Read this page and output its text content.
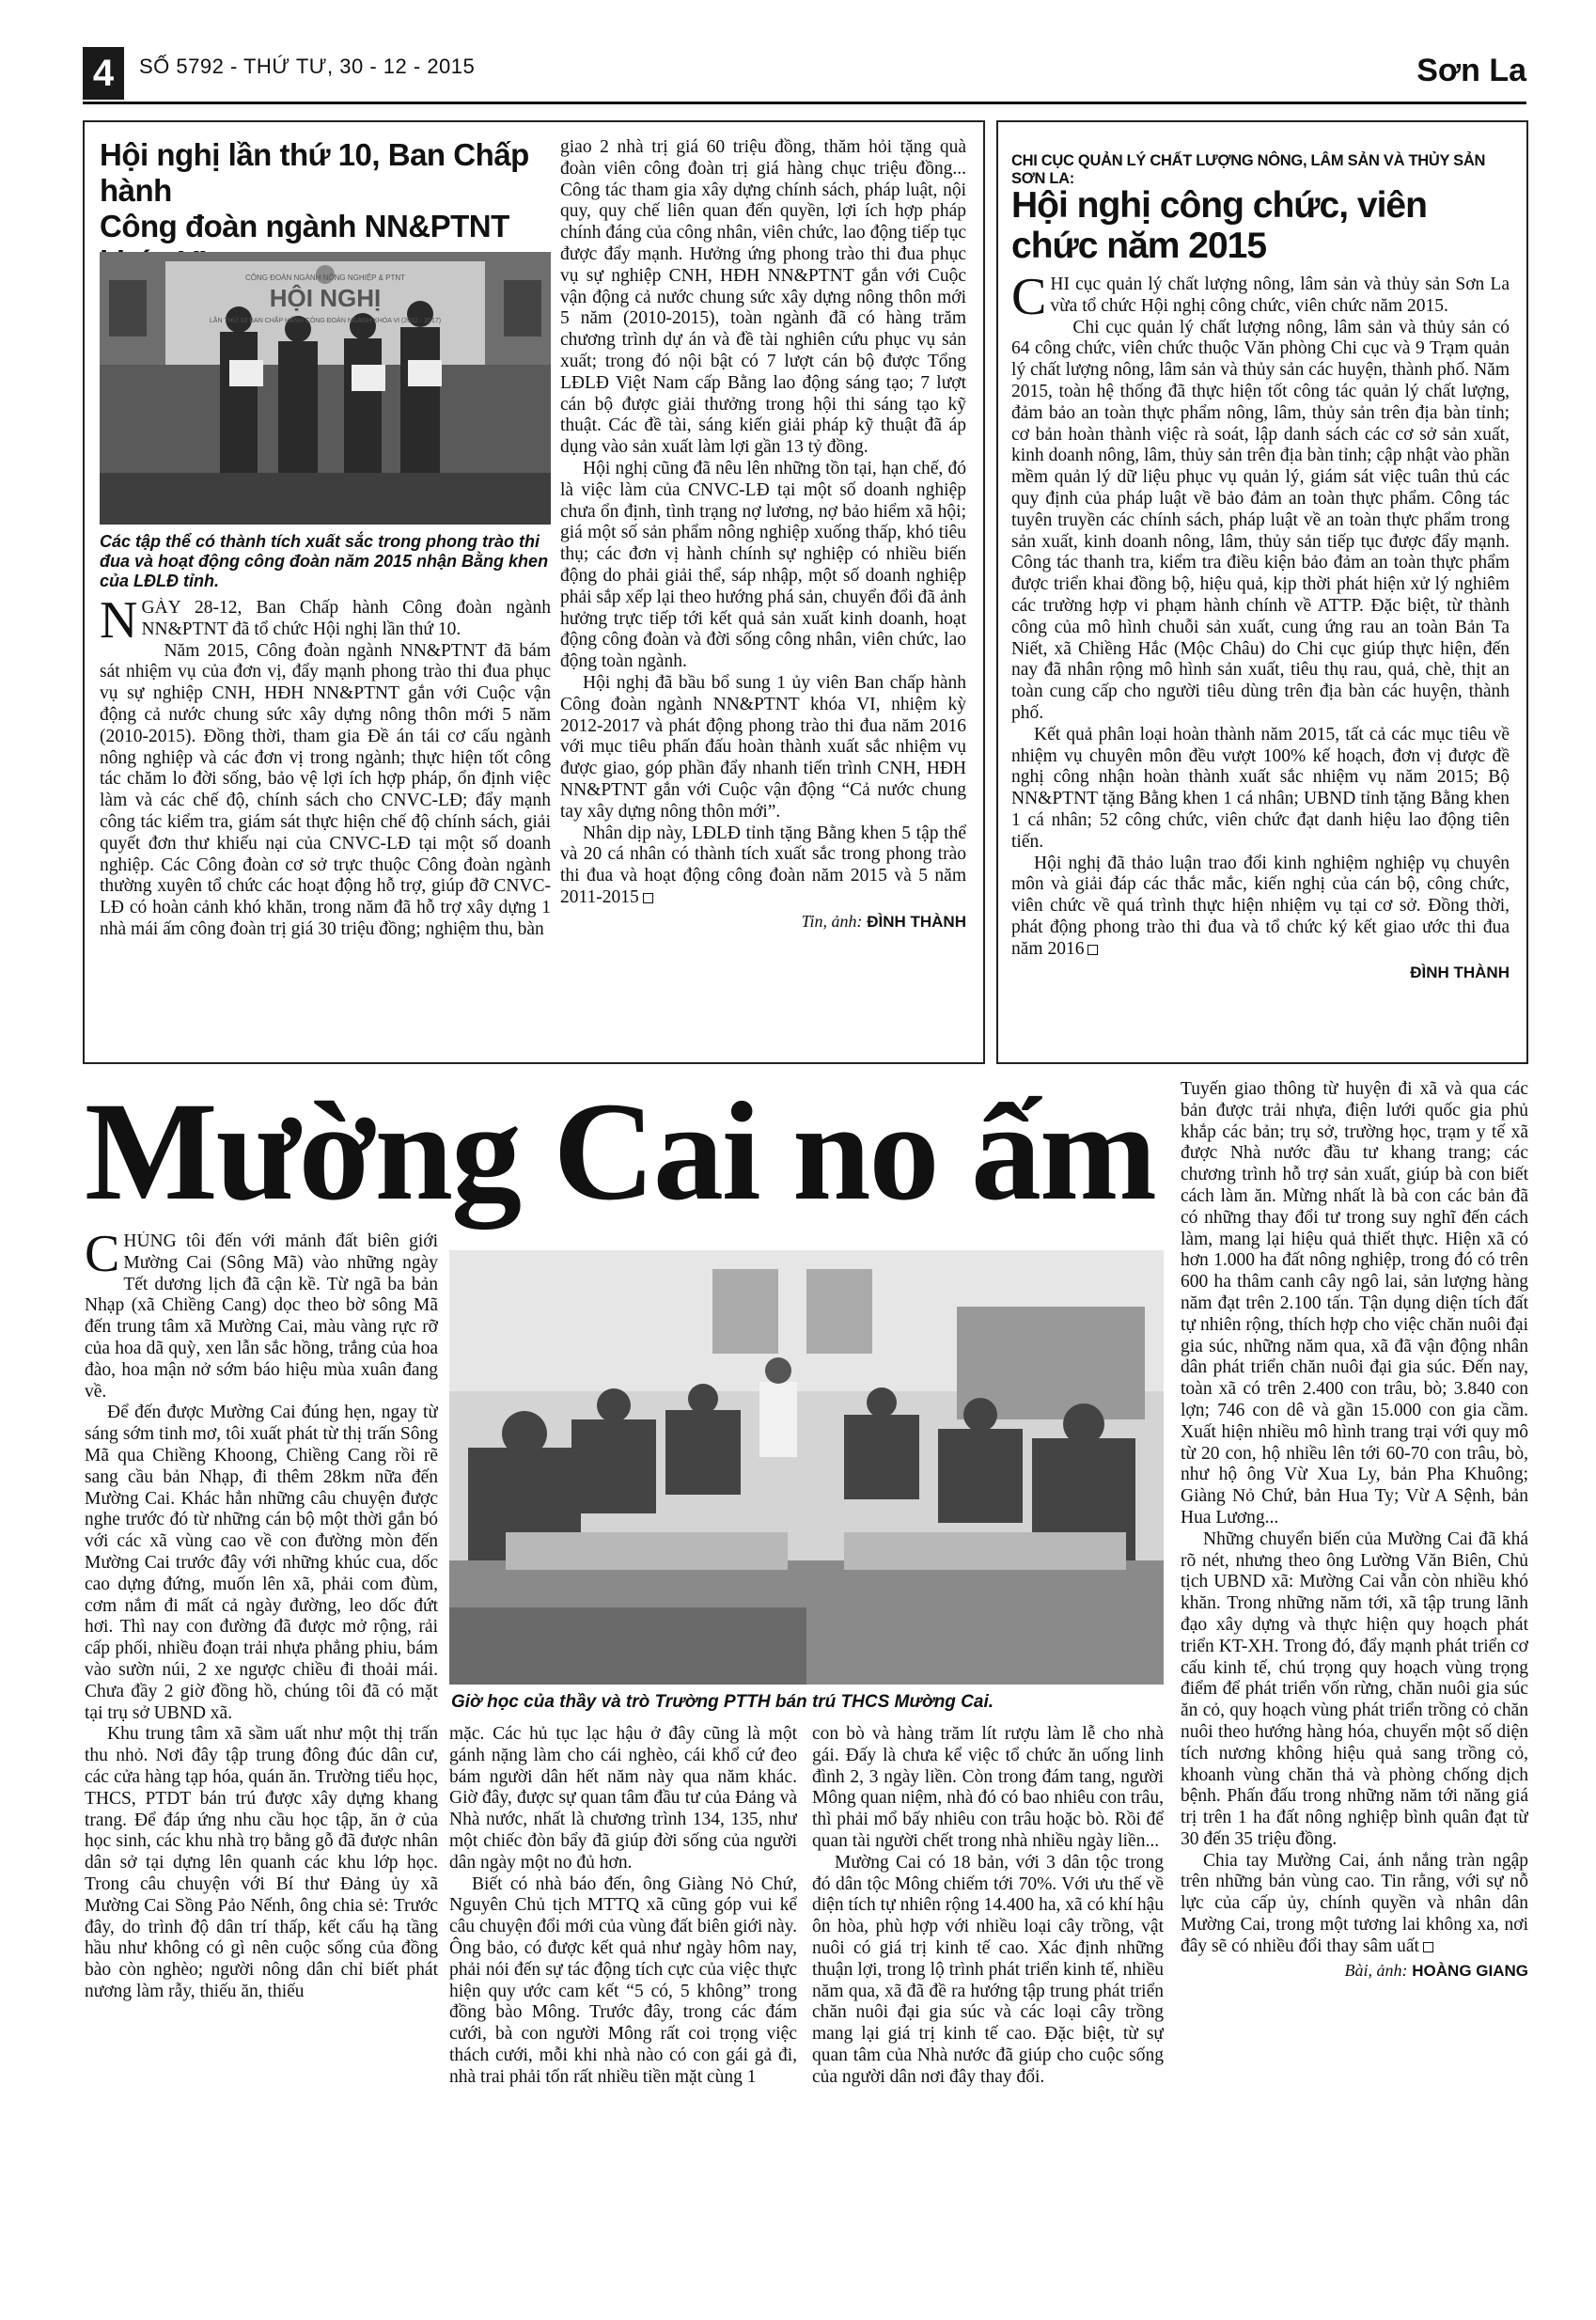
4	SỐ 5792 - THỨ TƯ, 30 - 12 - 2015	Sơn La
Hội nghị lần thứ 10, Ban Chấp hành
Công đoàn ngành NN&PTNT
CÔNG ĐOÀN NGÀNH NÔNG NGHIỆP & PTNT
HỘI NGHỊ
LẦN THỨ 10 BAN CHẤP HÀNH CÔNG ĐOÀN NGÀNH KHÓA VI (2012 - 2017)
Các tập thể có thành tích xuất sắc trong phong trào thi đua và hoạt động công đoàn năm 2015 nhận Bằng khen của LĐLĐ tỉnh.

NGÀY 28-12, Ban Chấp hành Công đoàn ngành NN&PTNT đã tổ chức Hội nghị lần thứ 10.

Năm 2015, Công đoàn ngành NN&PTNT đã bám sát nhiệm vụ của đơn vị, đẩy mạnh phong trào thi đua phục vụ sự nghiệp CNH, HĐH NN&PTNT gắn với Cuộc vận động cả nước chung sức xây dựng nông thôn mới 5 năm (2010-2015). Đồng thời, tham gia Đề án tái cơ cấu ngành nông nghiệp và các đơn vị trong ngành; thực hiện tốt công tác chăm lo đời sống, bảo vệ lợi ích hợp pháp, ổn định việc làm và các chế độ, chính sách cho CNVC-LĐ; đẩy mạnh công tác kiểm tra, giám sát thực hiện chế độ chính sách, giải quyết đơn thư khiếu nại của CNVC-LĐ tại một số doanh nghiệp. Các Công đoàn cơ sở trực thuộc Công đoàn ngành thường xuyên tổ chức các hoạt động hỗ trợ, giúp đỡ CNVC-LĐ có hoàn cảnh khó khăn, trong năm đã hỗ trợ xây dựng 1 nhà mái ấm công đoàn trị giá 30 triệu đồng; nghiệm thu, bàn

giao 2 nhà trị giá 60 triệu đồng, thăm hỏi tặng quà đoàn viên công đoàn trị giá hàng chục triệu đồng... Công tác tham gia xây dựng chính sách, pháp luật, nội quy, quy chế liên quan đến quyền, lợi ích hợp pháp chính đáng của công nhân, viên chức, lao động tiếp tục được đẩy mạnh. Hưởng ứng phong trào thi đua phục vụ sự nghiệp CNH, HĐH NN&PTNT gắn với Cuộc vận động cả nước chung sức xây dựng nông thôn mới 5 năm (2010-2015), toàn ngành đã có hàng trăm chương trình dự án và đề tài nghiên cứu phục vụ sản xuất; trong đó nội bật có 7 lượt cán bộ được Tổng LĐLĐ Việt Nam cấp Bằng lao động sáng tạo; 7 lượt cán bộ được giải thưởng trong hội thi sáng tạo kỹ thuật. Các đề tài, sáng kiến giải pháp kỹ thuật đã áp dụng vào sản xuất làm lợi gần 13 tỷ đồng.

Hội nghị cũng đã nêu lên những tồn tại, hạn chế, đó là việc làm của CNVC-LĐ tại một số doanh nghiệp chưa ổn định, tình trạng nợ lương, nợ bảo hiểm xã hội; giá một số sản phẩm nông nghiệp xuống thấp, khó tiêu thụ; các đơn vị hành chính sự nghiệp có nhiều biến động do phải giải thể, sáp nhập, một số doanh nghiệp phải sắp xếp lại theo hướng phá sản, chuyển đổi đã ảnh hưởng trực tiếp tới kết quả sản xuất kinh doanh, hoạt động công đoàn và đời sống công nhân, viên chức, lao động toàn ngành.

Hội nghị đã bầu bổ sung 1 ủy viên Ban chấp hành Công đoàn ngành NN&PTNT khóa VI, nhiệm kỳ 2012-2017 và phát động phong trào thi đua năm 2016 với mục tiêu phấn đấu hoàn thành xuất sắc nhiệm vụ được giao, góp phần đẩy nhanh tiến trình CNH, HĐH NN&PTNT gắn với Cuộc vận động “Cả nước chung tay xây dựng nông thôn mới”.

Nhân dịp này, LĐLĐ tỉnh tặng Bằng khen 5 tập thể và 20 cá nhân có thành tích xuất sắc trong phong trào thi đua và hoạt động công đoàn năm 2015 và 5 năm 2011-2015

Tin, ảnh: ĐÌNH THÀNH
CHI CỤC QUẢN LÝ CHẤT LƯỢNG NÔNG, LÂM SẢN VÀ THỦY SẢN SƠN LA:
Hội nghị công chức, viên chức năm 2015

CHI cục quản lý chất lượng nông, lâm sản và thủy sản Sơn La vừa tổ chức Hội nghị công chức, viên chức năm 2015.

Chi cục quản lý chất lượng nông, lâm sản và thủy sản có 64 công chức, viên chức thuộc Văn phòng Chi cục và 9 Trạm quản lý chất lượng nông, lâm sản và thủy sản các huyện, thành phố. Năm 2015, toàn hệ thống đã thực hiện tốt công tác quản lý chất lượng, đảm bảo an toàn thực phẩm nông, lâm, thủy sản trên địa bàn tỉnh; cơ bản hoàn thành việc rà soát, lập danh sách các cơ sở sản xuất, kinh doanh nông, lâm, thủy sản trên địa bàn tỉnh; cập nhật vào phần mềm quản lý dữ liệu phục vụ quản lý, giám sát việc tuân thủ các quy định của pháp luật về bảo đảm an toàn thực phẩm. Công tác tuyên truyền các chính sách, pháp luật về an toàn thực phẩm trong sản xuất, kinh doanh nông, lâm, thủy sản tiếp tục được đẩy mạnh. Công tác thanh tra, kiểm tra điều kiện bảo đảm an toàn thực phẩm được triển khai đồng bộ, hiệu quả, kịp thời phát hiện xử lý nghiêm các trường hợp vi phạm hành chính về ATTP. Đặc biệt, từ thành công của mô hình chuỗi sản xuất, cung ứng rau an toàn Bản Ta Niết, xã Chiềng Hắc (Mộc Châu) do Chi cục giúp thực hiện, đến nay đã nhân rộng mô hình sản xuất, tiêu thụ rau, quả, chè, thịt an toàn cung cấp cho người tiêu dùng trên địa bàn các huyện, thành phố.

Kết quả phân loại hoàn thành năm 2015, tất cả các mục tiêu về nhiệm vụ chuyên môn đều vượt 100% kế hoạch, đơn vị được đề nghị công nhận hoàn thành xuất sắc nhiệm vụ năm 2015; Bộ NN&PTNT tặng Bằng khen 1 cá nhân; UBND tỉnh tặng Bằng khen 1 cá nhân; 52 công chức, viên chức đạt danh hiệu lao động tiên tiến.

Hội nghị đã thảo luận trao đổi kinh nghiệm nghiệp vụ chuyên môn và giải đáp các thắc mắc, kiến nghị của cán bộ, công chức, viên chức về quá trình thực hiện nhiệm vụ tại cơ sở. Đồng thời, phát động phong trào thi đua và tổ chức ký kết giao ước thi đua năm 2016

ĐÌNH THÀNH
Mường Cai no ấm

CHÚNG tôi đến với mảnh đất biên giới Mường Cai (Sông Mã) vào những ngày Tết dương lịch đã cận kề. Từ ngã ba bản Nhạp (xã Chiềng Cang) dọc theo bờ sông Mã đến trung tâm xã Mường Cai, màu vàng rực rỡ của hoa dã quỳ, xen lẫn sắc hồng, trắng của hoa đào, hoa mận nở sớm báo hiệu mùa xuân đang về.

Để đến được Mường Cai đúng hẹn, ngay từ sáng sớm tinh mơ, tôi xuất phát từ thị trấn Sông Mã qua Chiềng Khoong, Chiềng Cang rồi rẽ sang cầu bản Nhạp, đi thêm 28km nữa đến Mường Cai. Khác hẳn những câu chuyện được nghe trước đó từ những cán bộ một thời gắn bó với các xã vùng cao về con đường mòn đến Mường Cai trước đây với những khúc cua, dốc cao dựng đứng, muốn lên xã, phải com đùm, cơm nắm đi mất cả ngày đường, leo dốc đứt hơi. Thì nay con đường đã được mở rộng, rải cấp phối, nhiều đoạn trải nhựa phẳng phiu, bám vào sườn núi, 2 xe ngược chiều đi thoải mái. Chưa đầy 2 giờ đồng hồ, chúng tôi đã có mặt tại trụ sở UBND xã.

Khu trung tâm xã sầm uất như một thị trấn thu nhỏ. Nơi đây tập trung đông đúc dân cư, các cửa hàng tạp hóa, quán ăn. Trường tiểu học, THCS, PTDT bán trú được xây dựng khang trang. Để đáp ứng nhu cầu học tập, ăn ở của học sinh, các khu nhà trọ bằng gỗ đã được nhân dân sở tại dựng lên quanh các khu lớp học. Trong câu chuyện với Bí thư Đảng ủy xã Mường Cai Sồng Pảo Nếnh, ông chia sẻ: Trước đây, do trình độ dân trí thấp, kết cấu hạ tầng hầu như không có gì nên cuộc sống của đồng bào còn nghèo; người nông dân chỉ biết phát nương làm rẫy, thiếu ăn, thiếu

Giờ học của thầy và trò Trường PTTH bán trú THCS Mường Cai.

mặc. Các hủ tục lạc hậu ở đây cũng là một gánh nặng làm cho cái nghèo, cái khổ cứ đeo bám người dân hết năm này qua năm khác. Giờ đây, được sự quan tâm đầu tư của Đảng và Nhà nước, nhất là chương trình 134, 135, như một chiếc đòn bẩy đã giúp đời sống của người dân ngày một no đủ hơn.

Biết có nhà báo đến, ông Giàng Nỏ Chứ, Nguyên Chủ tịch MTTQ xã cũng góp vui kể câu chuyện đổi mới của vùng đất biên giới này. Ông bảo, có được kết quả như ngày hôm nay, phải nói đến sự tác động tích cực của việc thực hiện quy ước cam kết “5 có, 5 không” trong đồng bào Mông. Trước đây, trong các đám cưới, bà con người Mông rất coi trọng việc thách cưới, mỗi khi nhà nào có con gái gả đi, nhà trai phải tốn rất nhiều tiền mặt cùng 1

con bò và hàng trăm lít rượu làm lễ cho nhà gái. Đấy là chưa kể việc tổ chức ăn uống linh đình 2, 3 ngày liền. Còn trong đám tang, người Mông quan niệm, nhà đó có bao nhiêu con trâu, thì phải mổ bấy nhiêu con trâu hoặc bò. Rồi để quan tài người chết trong nhà nhiều ngày liền...

Mường Cai có 18 bản, với 3 dân tộc trong đó dân tộc Mông chiếm tới 70%. Với ưu thế về diện tích tự nhiên rộng 14.400 ha, xã có khí hậu ôn hòa, phù hợp với nhiều loại cây trồng, vật nuôi có giá trị kinh tế cao. Xác định những thuận lợi, trong lộ trình phát triển kinh tế, nhiều năm qua, xã đã đề ra hướng tập trung phát triển chăn nuôi đại gia súc và các loại cây trồng mang lại giá trị kinh tế cao. Đặc biệt, từ sự quan tâm của Nhà nước đã giúp cho cuộc sống của người dân nơi đây thay đổi.

Tuyến giao thông từ huyện đi xã và qua các bản được trải nhựa, điện lưới quốc gia phủ khắp các bản; trụ sở, trường học, trạm y tế xã được Nhà nước đầu tư khang trang; các chương trình hỗ trợ sản xuất, giúp bà con biết cách làm ăn. Mừng nhất là bà con các bản đã có những thay đổi tư trong suy nghĩ đến cách làm, mang lại hiệu quả thiết thực. Hiện xã có hơn 1.000 ha đất nông nghiệp, trong đó có trên 600 ha thâm canh cây ngô lai, sản lượng hàng năm đạt trên 2.100 tấn. Tận dụng diện tích đất tự nhiên rộng, thích hợp cho việc chăn nuôi đại gia súc, những năm qua, xã đã vận động nhân dân phát triển chăn nuôi đại gia súc. Đến nay, toàn xã có trên 2.400 con trâu, bò; 3.840 con lợn; 746 con dê và gần 15.000 con gia cầm. Xuất hiện nhiều mô hình trang trại với quy mô từ 20 con, hộ nhiều lên tới 60-70 con trâu, bò, như hộ ông Vừ Xua Ly, bản Pha Khuông; Giàng Nỏ Chứ, bản Hua Ty; Vừ A Sệnh, bản Hua Lương...

Những chuyển biến của Mường Cai đã khá rõ nét, nhưng theo ông Lường Văn Biên, Chủ tịch UBND xã: Mường Cai vẫn còn nhiều khó khăn. Trong những năm tới, xã tập trung lãnh đạo xây dựng và thực hiện quy hoạch phát triển KT-XH. Trong đó, đẩy mạnh phát triển cơ cấu kinh tế, chú trọng quy hoạch vùng trọng điểm để phát triển vốn rừng, chăn nuôi gia súc ăn cỏ, quy hoạch vùng phát triển trồng cỏ chăn nuôi theo hướng hàng hóa, chuyển một số diện tích nương không hiệu quả sang trồng cỏ, khoanh vùng chăn thả và phòng chống dịch bệnh. Phấn đấu trong những năm tới năng giá trị trên 1 ha đất nông nghiệp bình quân đạt từ 30 đến 35 triệu đồng.

Chia tay Mường Cai, ánh nắng tràn ngập trên những bản vùng cao. Tin rằng, với sự nỗ lực của cấp ủy, chính quyền và nhân dân Mường Cai, trong một tương lai không xa, nơi đây sẽ có nhiều đổi thay sâm uất

Bài, ảnh: HOÀNG GIANG
